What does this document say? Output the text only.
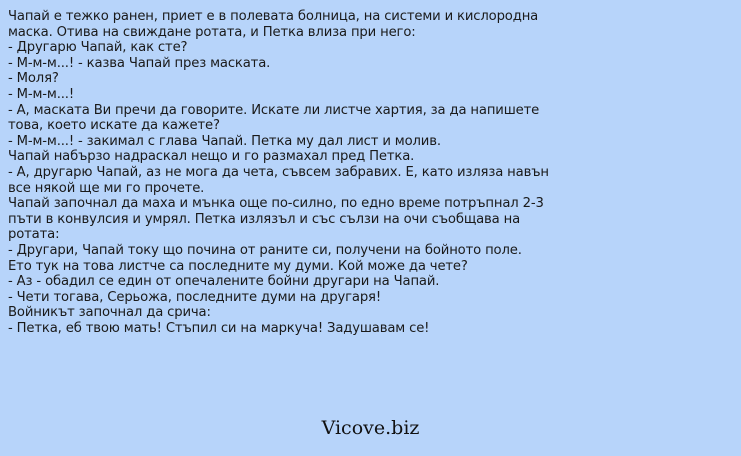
Чапай е тежко ранен, приет е в полевата болница, на системи и кислородна
маска. Отива на свиждане ротата, и Петка влиза при него:
- Другарю Чапай, как сте?
- М-м-м...! - казва Чапай през маската.
- Моля?
- М-м-м...!
- А, маската Ви пречи да говорите. Искате ли листче хартия, за да напишете
това, което искате да кажете?
- М-м-м...! - закимал с глава Чапай. Петка му дал лист и молив.
Чапай набързо надраскал нещо и го размахал пред Петка.
- А, другарю Чапай, аз не мога да чета, съвсем забравих. Е, като изляза навън
все някой ще ми го прочете.
Чапай започнал да маха и мънка още по-силно, по едно време потръпнал 2-3
пъти в конвулсия и умрял. Петка излязъл и със сълзи на очи съобщава на
ротата:
- Другари, Чапай току що почина от раните си, получени на бойното поле.
Ето тук на това листче са последните му думи. Кой може да чете?
- Аз - обадил се един от опечалените бойни другари на Чапай.
- Чети тогава, Серьожа, последните думи на другаря!
Войникът започнал да срича:
- Петка, еб твою мать! Стъпил си на маркуча! Задушавам се!

Vicove.biz
